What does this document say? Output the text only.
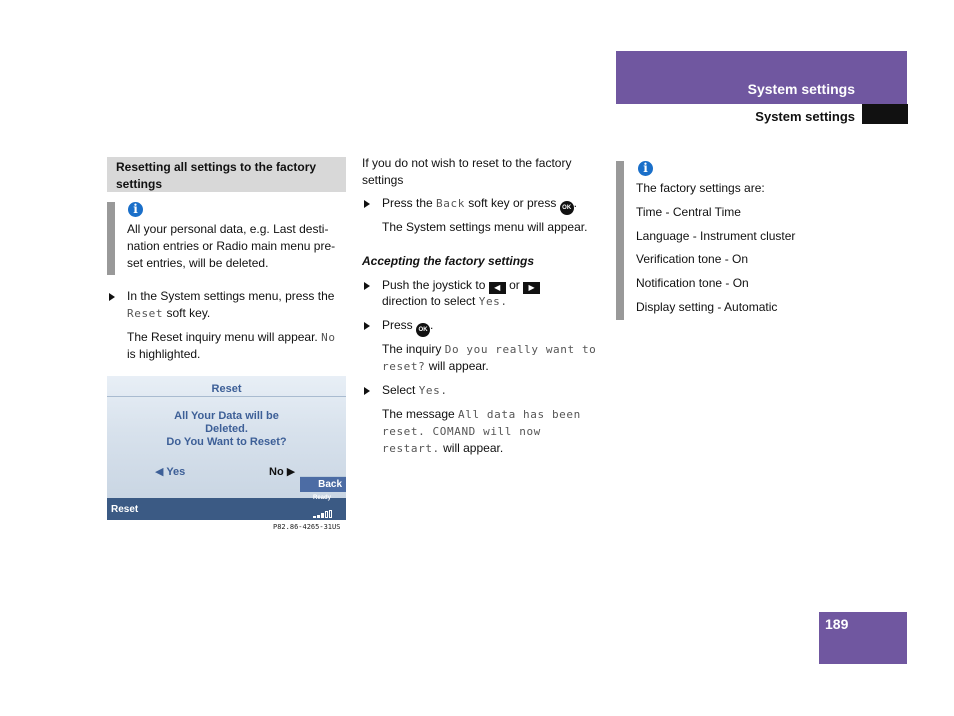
System settings
System settings
Resetting all settings to the factory settings
i
All your personal data, e.g. Last desti-
nation entries or Radio main menu pre-
set entries, will be deleted.
In the System settings menu, press the
Reset soft key.
The Reset inquiry menu will appear. No
is highlighted.
Reset
All Your Data will be
Deleted.
Do You Want to Reset?
◀ Yes	No ▶
Back
Reset
Ready
P82.86-4265-31US
If you do not wish to reset to the factory
settings
Press the Back soft key or press OK .
The System settings menu will appear.
Accepting the factory settings
Push the joystick to ◀ or ▶
direction to select Yes.
Press OK .
The inquiry Do you really want to
reset? will appear.
Select Yes.
The message All data has been
reset. COMAND will now
restart. will appear.
i
The factory settings are:
Time - Central Time
Language - Instrument cluster
Verification tone - On
Notification tone - On
Display setting - Automatic
189
